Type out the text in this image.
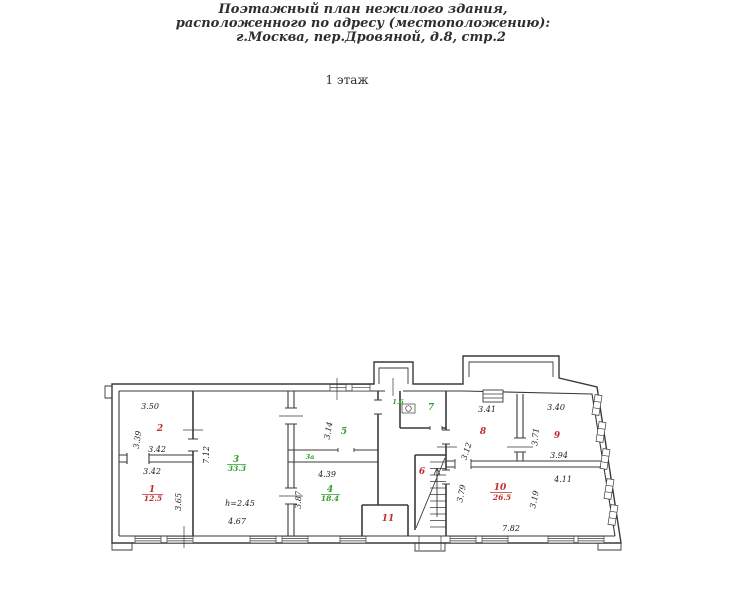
Поэтажный план нежилого здания,
расположенного по адресу (местоположению):
г.Москва, пер.Дровяной, д.8, стр.2
1 этаж
3.50
3.39
3.42
3.42
3.65
7.12
4.67
3.87
4.39
3.14
3.12
3.41	3.40
3.71
3.94
4.11
3.79	3.19
7.82
h=2.45
1
12.5
2
3
33.3
4
18.4
5
6
7
8	9
10
26.5
11
3а
1.6
